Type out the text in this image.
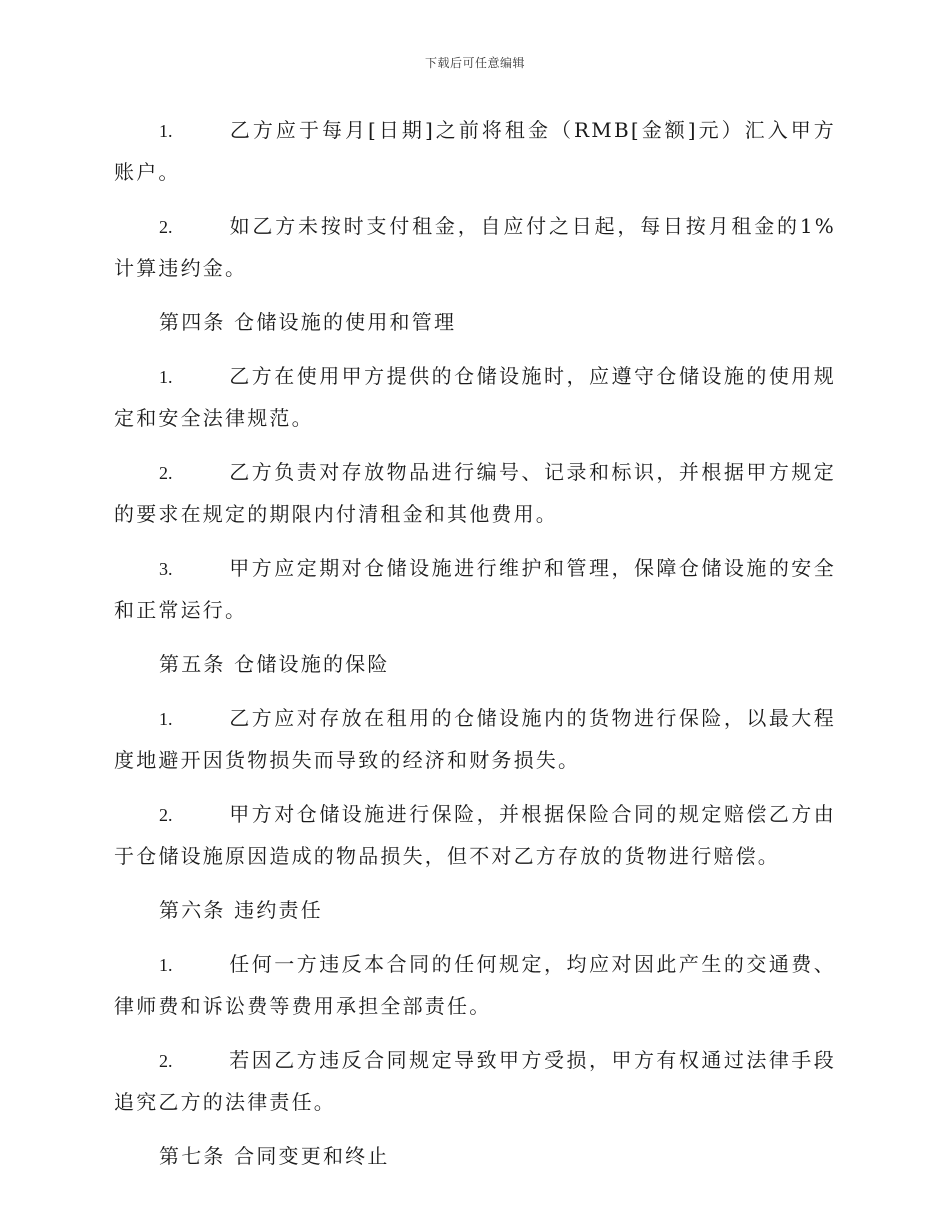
下载后可任意编辑

1.	乙方应于每月[日期]之前将租金（RMB[金额]元）汇入甲方账户。

2.	如乙方未按时支付租金，自应付之日起，每日按月租金的1%计算违约金。

第四条 仓储设施的使用和管理

1.	乙方在使用甲方提供的仓储设施时，应遵守仓储设施的使用规定和安全法律规范。

2.	乙方负责对存放物品进行编号、记录和标识，并根据甲方规定的要求在规定的期限内付清租金和其他费用。

3.	甲方应定期对仓储设施进行维护和管理，保障仓储设施的安全和正常运行。

第五条 仓储设施的保险

1.	乙方应对存放在租用的仓储设施内的货物进行保险，以最大程度地避开因货物损失而导致的经济和财务损失。

2.	甲方对仓储设施进行保险，并根据保险合同的规定赔偿乙方由于仓储设施原因造成的物品损失，但不对乙方存放的货物进行赔偿。

第六条 违约责任

1.	任何一方违反本合同的任何规定，均应对因此产生的交通费、律师费和诉讼费等费用承担全部责任。

2.	若因乙方违反合同规定导致甲方受损，甲方有权通过法律手段追究乙方的法律责任。

第七条 合同变更和终止
